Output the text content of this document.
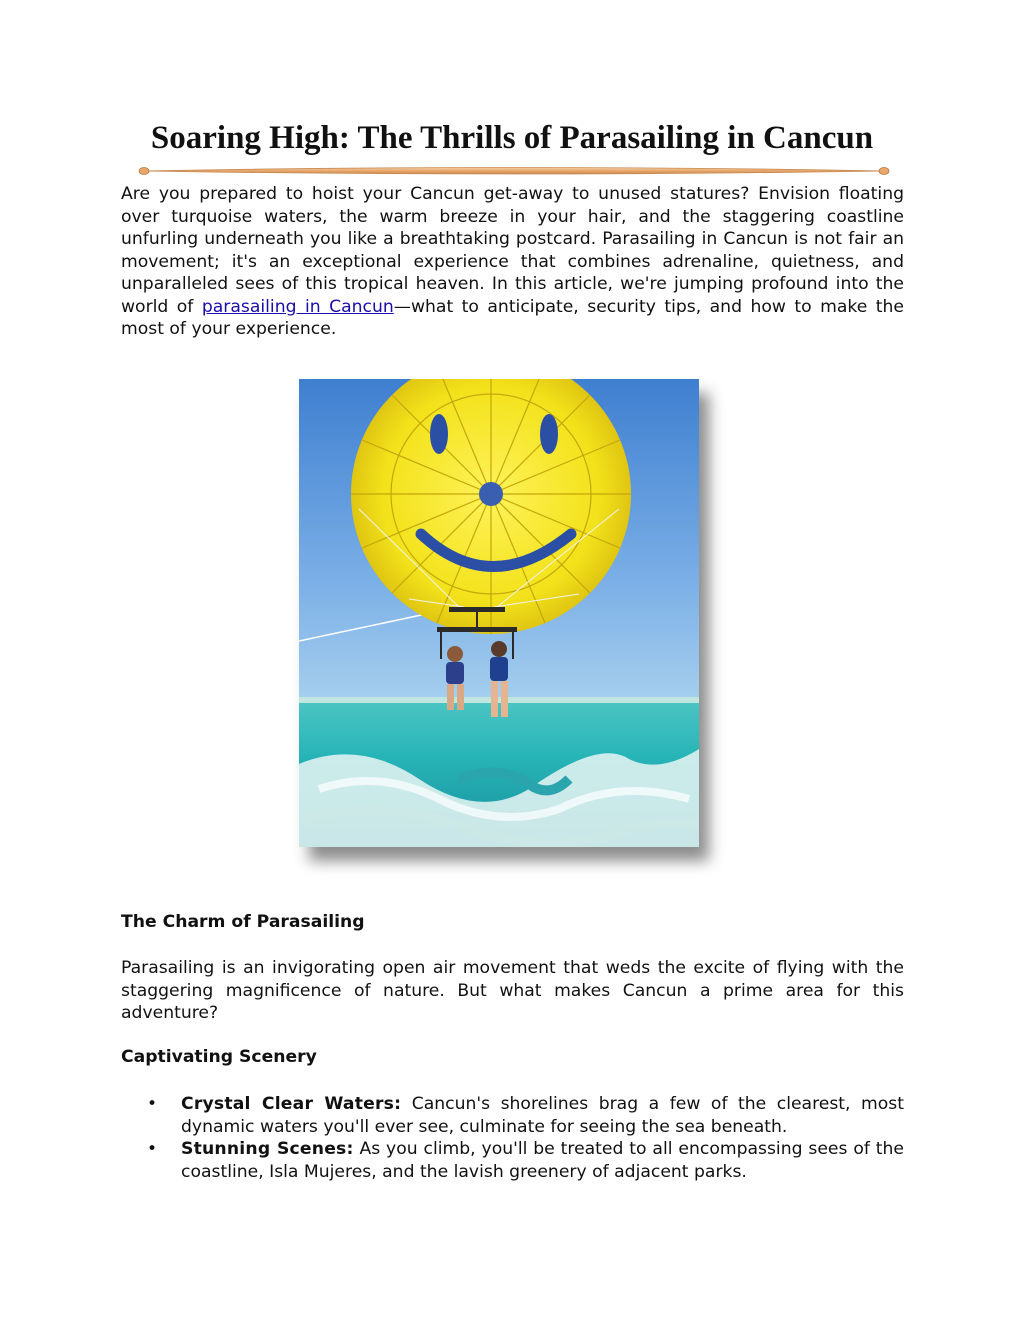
Soaring High: The Thrills of Parasailing in Cancun

Are you prepared to hoist your Cancun get-away to unused statures? Envision floating over turquoise waters, the warm breeze in your hair, and the staggering coastline unfurling underneath you like a breathtaking postcard. Parasailing in Cancun is not fair an movement; it's an exceptional experience that combines adrenaline, quietness, and unparalleled sees of this tropical heaven. In this article, we're jumping profound into the world of parasailing in Cancun—what to anticipate, security tips, and how to make the most of your experience.

The Charm of Parasailing

Parasailing is an invigorating open air movement that weds the excite of flying with the staggering magnificence of nature. But what makes Cancun a prime area for this adventure?

Captivating Scenery
• Crystal Clear Waters: Cancun's shorelines brag a few of the clearest, most dynamic waters you'll ever see, culminate for seeing the sea beneath.
• Stunning Scenes: As you climb, you'll be treated to all encompassing sees of the coastline, Isla Mujeres, and the lavish greenery of adjacent parks.
